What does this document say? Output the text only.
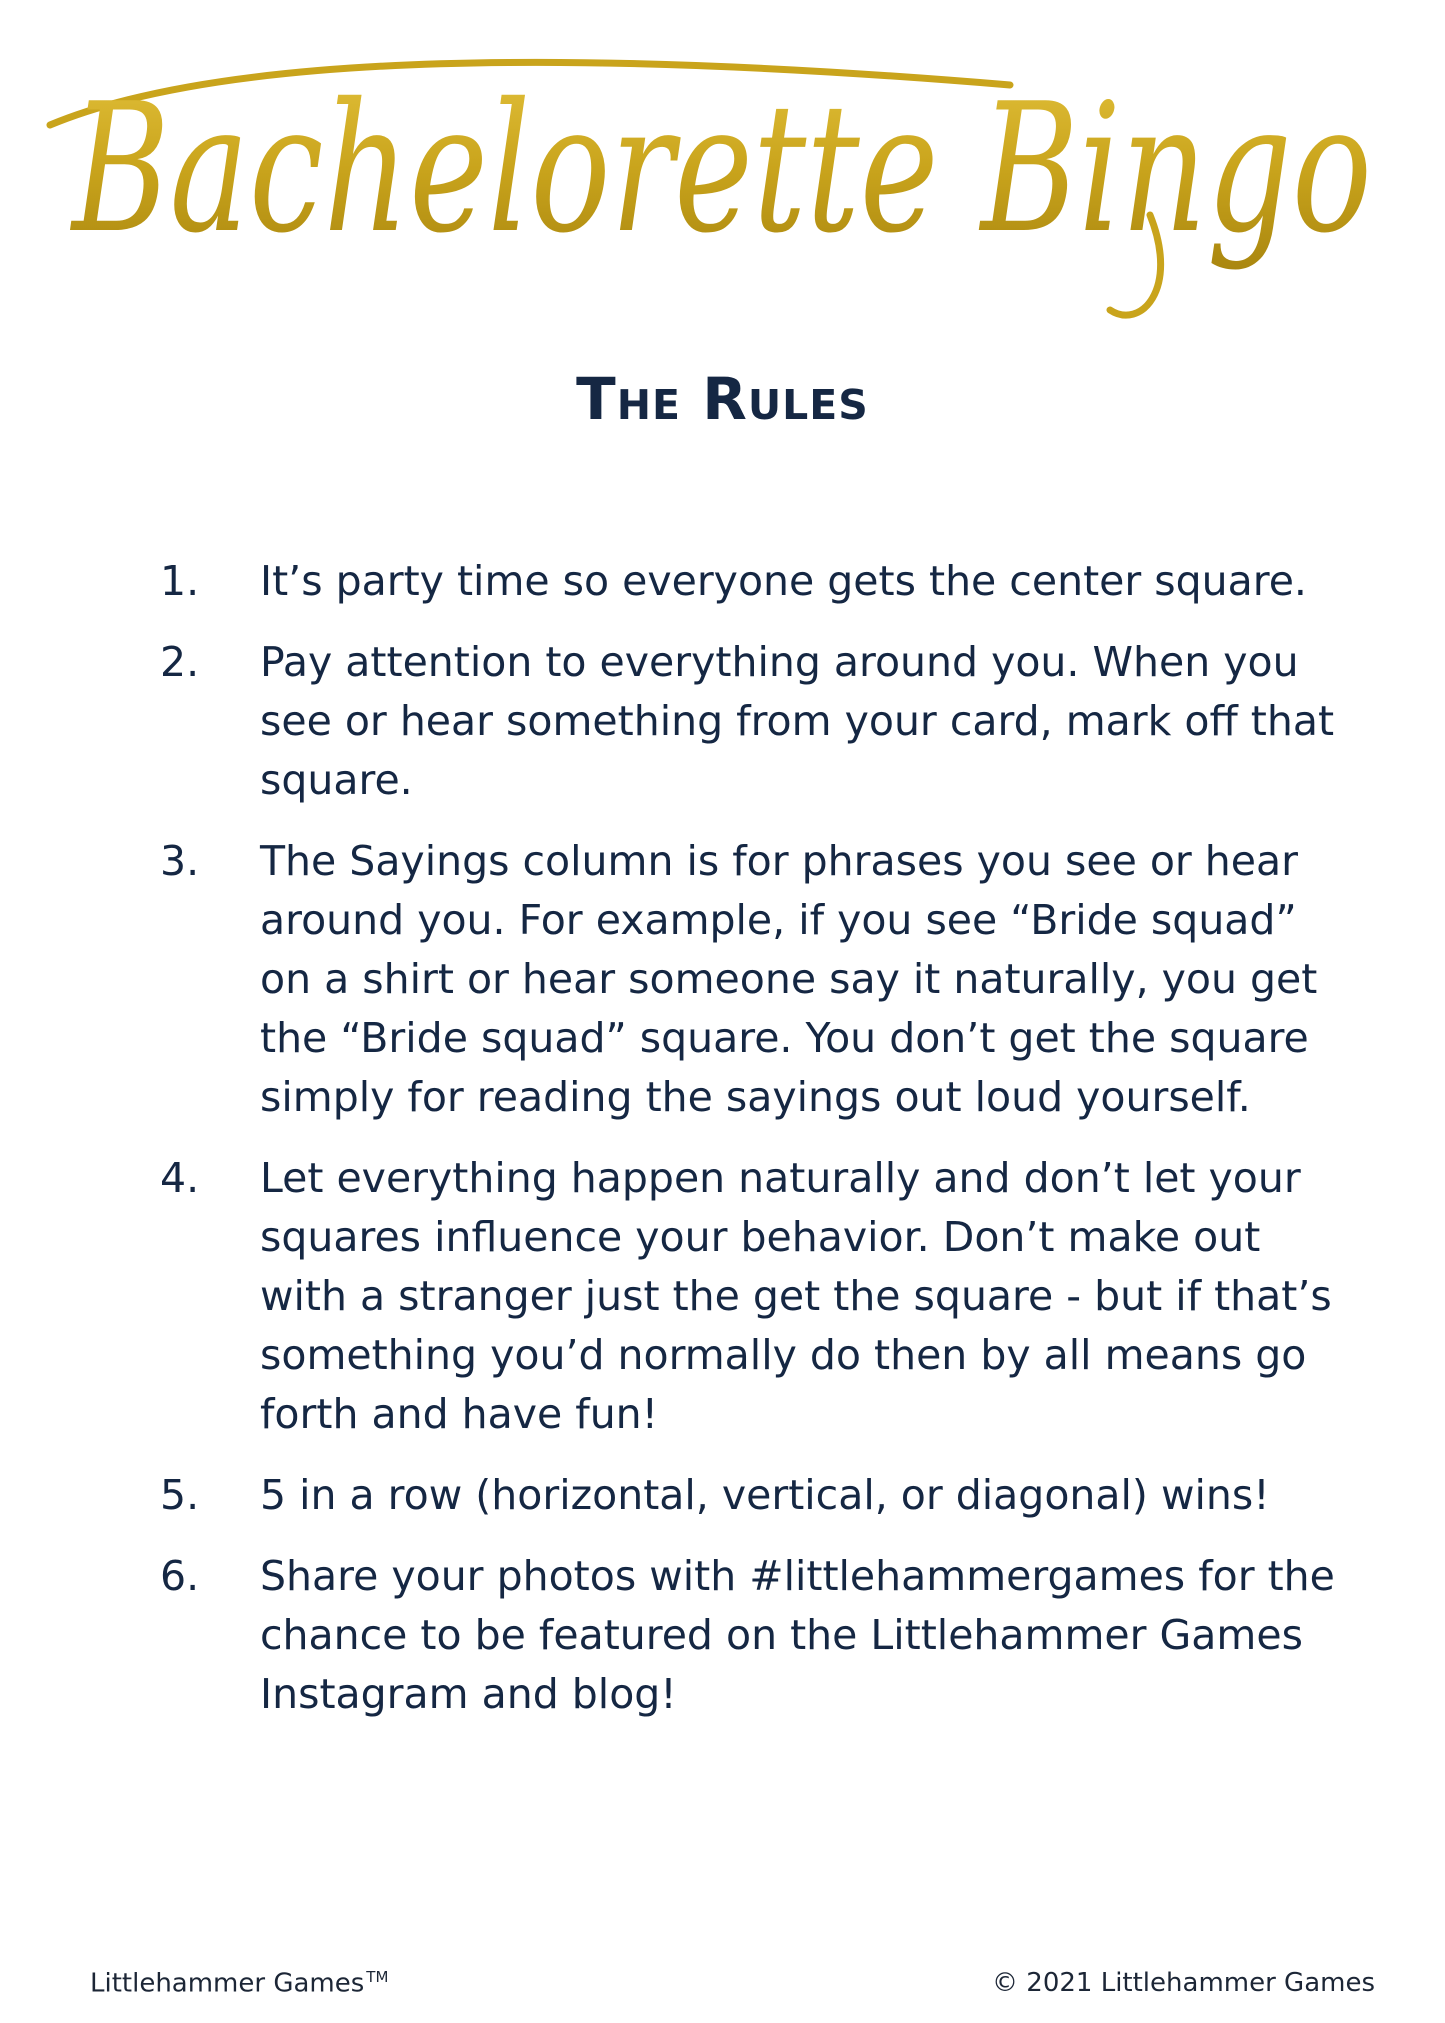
Bachelorette Bingo
The Rules
1.	It’s party time so everyone gets the center square.
2.	Pay attention to everything around you. When you see or hear something from your card, mark off that square.
3.	The Sayings column is for phrases you see or hear around you. For example, if you see “Bride squad” on a shirt or hear someone say it naturally, you get the “Bride squad” square. You don’t get the square simply for reading the sayings out loud yourself.
4.	Let everything happen naturally and don’t let your squares influence your behavior. Don’t make out with a stranger just the get the square - but if that’s something you’d normally do then by all means go forth and have fun!
5.	5 in a row (horizontal, vertical, or diagonal) wins!
6.	Share your photos with #littlehammergames for the chance to be featured on the Littlehammer Games Instagram and blog!
Littlehammer Games ™	© 2021 Littlehammer Games
